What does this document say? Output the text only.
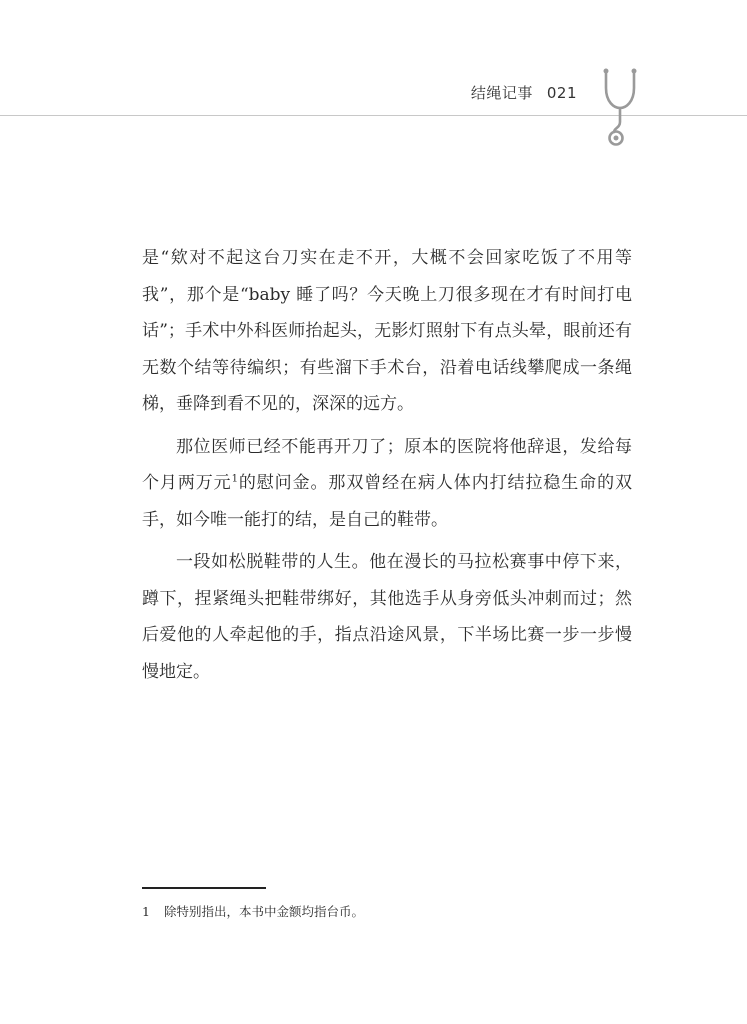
结绳记事 021

是“欸对不起这台刀实在走不开，大概不会回家吃饭了不用等我”，那个是“baby 睡了吗？今天晚上刀很多现在才有时间打电话”；手术中外科医师抬起头，无影灯照射下有点头晕，眼前还有无数个结等待编织；有些溜下手术台，沿着电话线攀爬成一条绳梯，垂降到看不见的，深深的远方。

那位医师已经不能再开刀了；原本的医院将他辞退，发给每个月两万元$^1$的慰问金。那双曾经在病人体内打结拉稳生命的双手，如今唯一能打的结，是自己的鞋带。

一段如松脱鞋带的人生。他在漫长的马拉松赛事中停下来，蹲下，捏紧绳头把鞋带绑好，其他选手从身旁低头冲刺而过；然后爱他的人牵起他的手，指点沿途风景，下半场比赛一步一步慢慢地定。

1 除特别指出，本书中金额均指台币。
